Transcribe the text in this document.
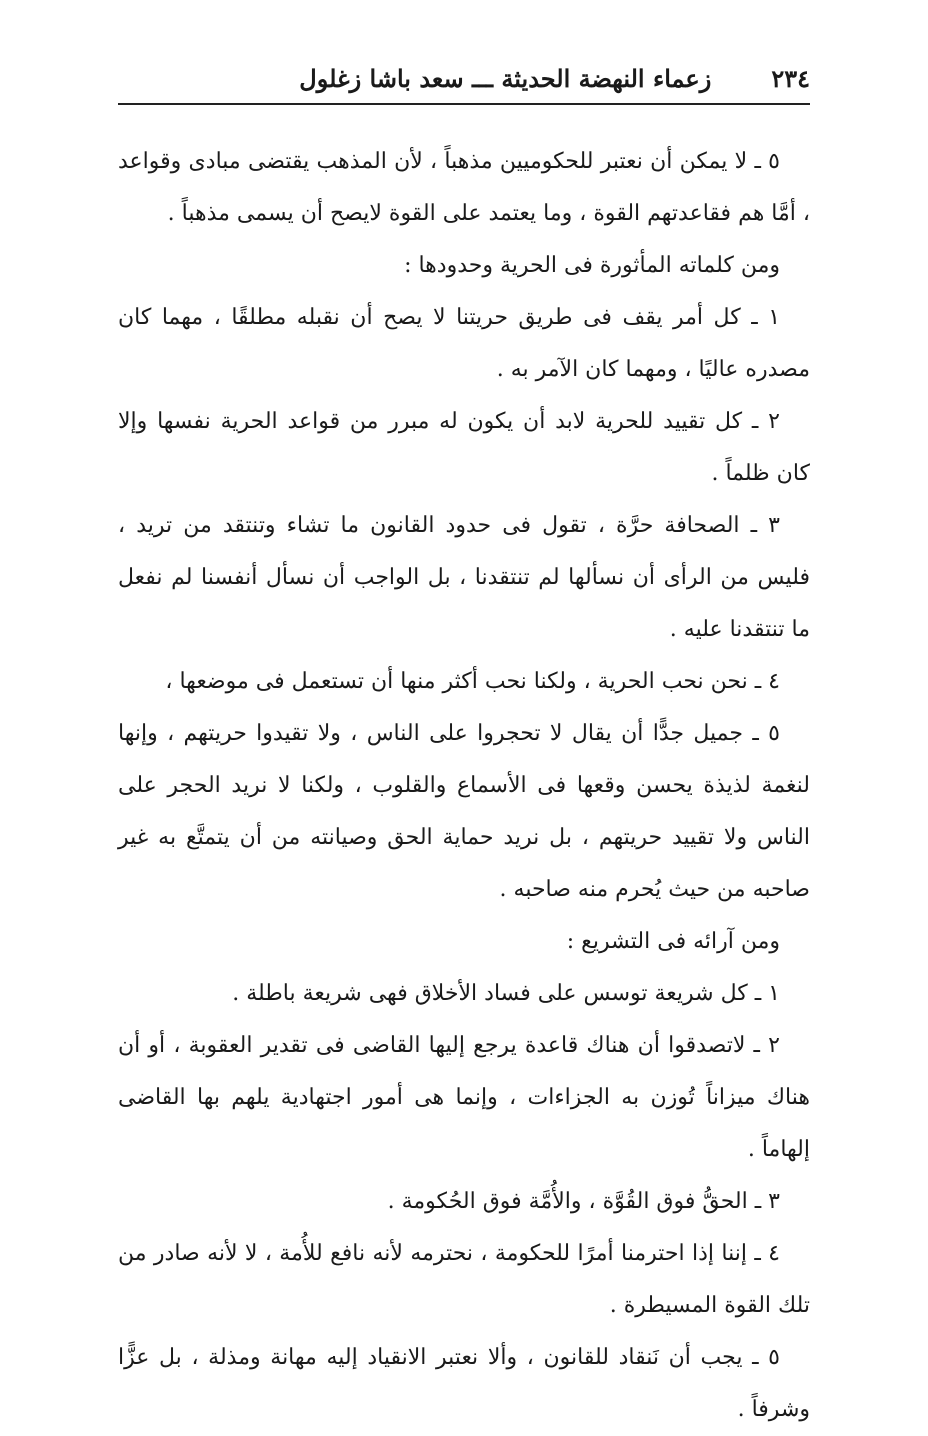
٢٣٤
زعماء النهضة الحديثة ـــ سعد باشا زغلول

٥ ـ لا يمكن أن نعتبر للحكوميين مذهباً ، لأن المذهب يقتضى مبادى وقواعد ، أمَّا هم فقاعدتهم القوة ، وما يعتمد على القوة لايصح أن يسمى مذهباً .

ومن كلماته المأثورة فى الحرية وحدودها :

١ ـ كل أمر يقف فى طريق حريتنا لا يصح أن نقبله مطلقًا ، مهما كان مصدره عاليًا ، ومهما كان الآمر به .

٢ ـ كل تقييد للحرية لابد أن يكون له مبرر من قواعد الحرية نفسها وإلا كان ظلماً .

٣ ـ الصحافة حرَّة ، تقول فى حدود القانون ما تشاء وتنتقد من تريد ، فليس من الرأى أن نسألها لم تنتقدنا ، بل الواجب أن نسأل أنفسنا لم نفعل ما تنتقدنا عليه .

٤ ـ نحن نحب الحرية ، ولكنا نحب أكثر منها أن تستعمل فى موضعها ،

٥ ـ جميل جدًّا أن يقال لا تحجروا على الناس ، ولا تقيدوا حريتهم ، وإنها لنغمة لذيذة يحسن وقعها فى الأسماع والقلوب ، ولكنا لا نريد الحجر على الناس ولا تقييد حريتهم ، بل نريد حماية الحق وصيانته من أن يتمتَّع به غير صاحبه من حيث يُحرم منه صاحبه .

ومن آرائه فى التشريع :

١ ـ كل شريعة توسس على فساد الأخلاق فهى شريعة باطلة .

٢ ـ لاتصدقوا أن هناك قاعدة يرجع إليها القاضى فى تقدير العقوبة ، أو أن هناك ميزاناً تُوزن به الجزاءات ، وإنما هى أمور اجتهادية يلهم بها القاضى إلهاماً .

٣ ـ الحقُّ فوق القُوَّة ، والأُمَّة فوق الحُكومة .

٤ ـ إننا إذا احترمنا أمرًا للحكومة ، نحترمه لأنه نافع للأُمة ، لا لأنه صادر من تلك القوة المسيطرة .

٥ ـ يجب أن نَنقاد للقانون ، وألا نعتبر الانقياد إليه مهانة ومذلة ، بل عزًّا وشرفاً .
